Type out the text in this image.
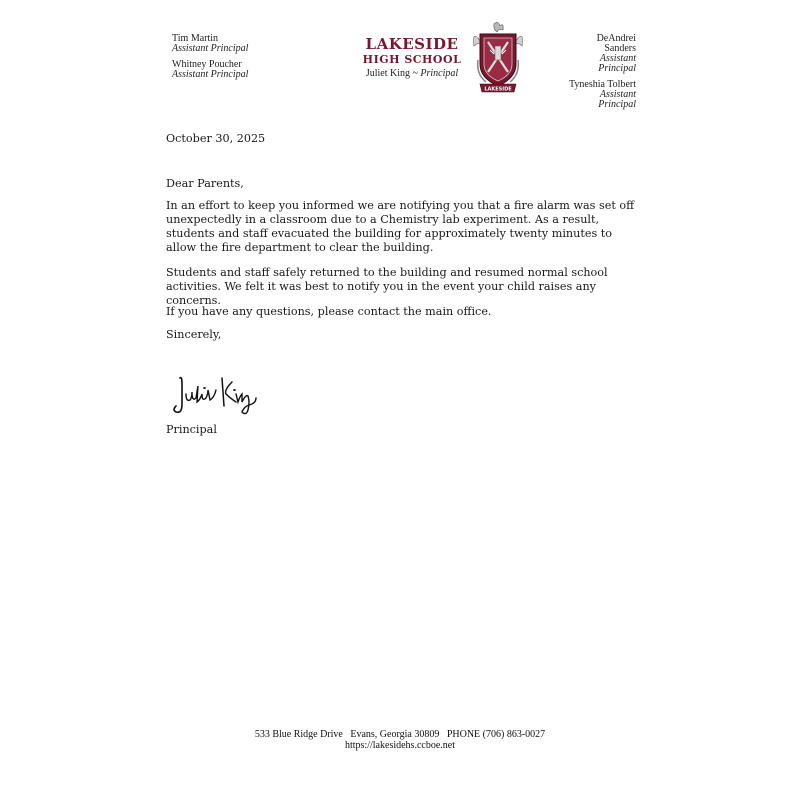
Tim Martin
Assistant Principal
Whitney Poucher
Assistant Principal
LAKESIDE
HIGH SCHOOL
Juliet King ~ Principal
LAKESIDE
DeAndrei Sanders
Assistant Principal
Tyneshia Tolbert
Assistant Principal
October 30, 2025
Dear Parents,
In an effort to keep you informed we are notifying you that a fire alarm was set off unexpectedly in a classroom due to a Chemistry lab experiment. As a result, students and staff evacuated the building for approximately twenty minutes to allow the fire department to clear the building.
Students and staff safely returned to the building and resumed normal school activities. We felt it was best to notify you in the event your child raises any concerns.
If you have any questions, please contact the main office.
Sincerely,
Principal
533 Blue Ridge Drive   Evans, Georgia 30809   PHONE (706) 863-0027
https://lakesidehs.ccboe.net
